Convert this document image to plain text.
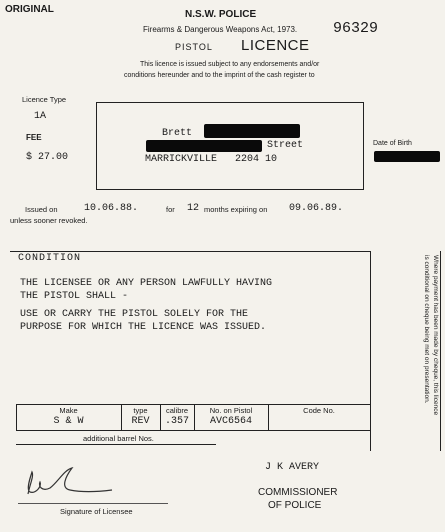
ORIGINAL	N.S.W. POLICE
Firearms & Dangerous Weapons Act, 1973. 96329
PISTOL LICENCE
This licence is issued subject to any endorsements and/or
conditions hereunder and to the imprint of the cash register to
Licence Type
1A
FEE
$ 27.00
Brett
Street
MARRICKVILLE   2204 10
Date of Birth
Issued on	10.06.88.	for 12 months expiring on 09.06.89.
unless sooner revoked.
CONDITION
THE LICENSEE OR ANY PERSON LAWFULLY HAVING
THE PISTOL SHALL -
USE OR CARRY THE PISTOL SOLELY FOR THE
PURPOSE FOR WHICH THE LICENCE WAS ISSUED.	Where payment has been made by cheque, this licence
is conditional on cheque being met on presentation.
Make	type	calibre	No. on Pistol	Code No.
S & W	REV	.357	AVC6564
additional barrel Nos.
J K AVERY
COMMISSIONER
OF POLICE
Signature of Licensee
